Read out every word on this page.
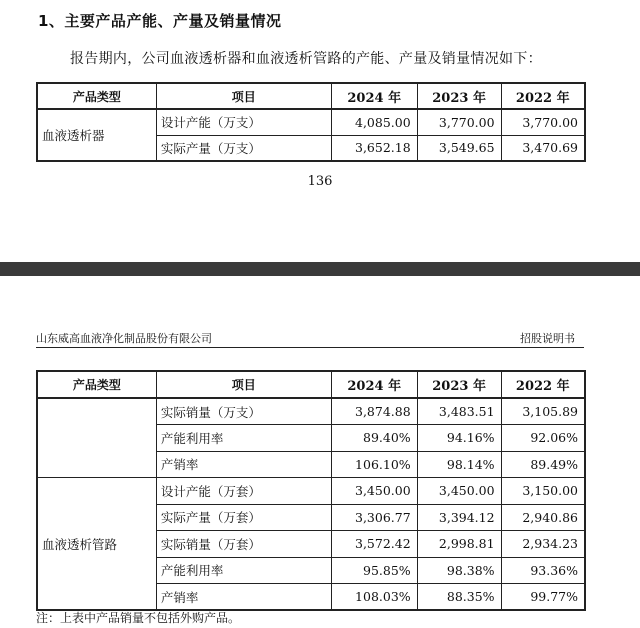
1、主要产品产能、产量及销量情况
报告期内，公司血液透析器和血液透析管路的产能、产量及销量情况如下：
产品类型	项目	2024 年	2023 年	2022 年
血液透析器	设计产能（万支）	4,085.00	3,770.00	3,770.00
	实际产量（万支）	3,652.18	3,549.65	3,470.69
136
山东威高血液净化制品股份有限公司	招股说明书
产品类型	项目	2024 年	2023 年	2022 年
	实际销量（万支）	3,874.88	3,483.51	3,105.89
	产能利用率	89.40%	94.16%	92.06%
	产销率	106.10%	98.14%	89.49%
血液透析管路	设计产能（万套）	3,450.00	3,450.00	3,150.00
	实际产量（万套）	3,306.77	3,394.12	2,940.86
	实际销量（万套）	3,572.42	2,998.81	2,934.23
	产能利用率	95.85%	98.38%	93.36%
	产销率	108.03%	88.35%	99.77%
注：上表中产品销量不包括外购产品。
